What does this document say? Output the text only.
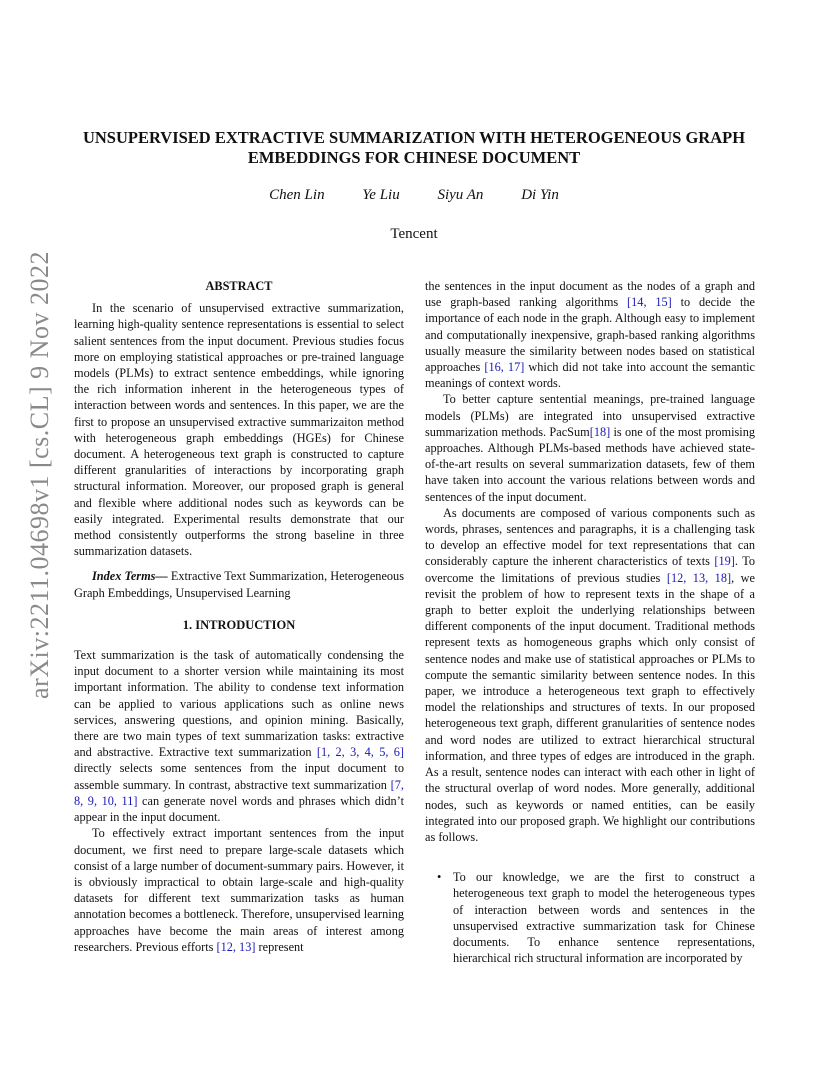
arXiv:2211.04698v1 [cs.CL] 9 Nov 2022
UNSUPERVISED EXTRACTIVE SUMMARIZATION WITH HETEROGENEOUS GRAPH EMBEDDINGS FOR CHINESE DOCUMENT
Chen Lin	Ye Liu	Siyu An	Di Yin
Tencent
ABSTRACT

In the scenario of unsupervised extractive summarization, learning high-quality sentence representations is essential to select salient sentences from the input document. Previous studies focus more on employing statistical approaches or pre-trained language models (PLMs) to extract sentence embeddings, while ignoring the rich information inherent in the heterogeneous types of interaction between words and sentences. In this paper, we are the first to propose an unsupervised extractive summarizaiton method with heterogeneous graph embeddings (HGEs) for Chinese document. A heterogeneous text graph is constructed to capture different granularities of interactions by incorporating graph structural information. Moreover, our proposed graph is general and flexible where additional nodes such as keywords can be easily integrated. Experimental results demonstrate that our method consistently outperforms the strong baseline in three summarization datasets.

Index Terms— Extractive Text Summarization, Heterogeneous Graph Embeddings, Unsupervised Learning

1. INTRODUCTION

Text summarization is the task of automatically condensing the input document to a shorter version while maintaining its most important information. The ability to condense text information can be applied to various applications such as online news services, answering questions, and opinion mining. Basically, there are two main types of text summarization tasks: extractive and abstractive. Extractive text summarization [1, 2, 3, 4, 5, 6] directly selects some sentences from the input document to assemble summary. In contrast, abstractive text summarization [7, 8, 9, 10, 11] can generate novel words and phrases which didn’t appear in the input document.

To effectively extract important sentences from the input document, we first need to prepare large-scale datasets which consist of a large number of document-summary pairs. However, it is obviously impractical to obtain large-scale and high-quality datasets for different text summarization tasks as human annotation becomes a bottleneck. Therefore, unsupervised learning approaches have become the main areas of interest among researchers. Previous efforts [12, 13] represent

the sentences in the input document as the nodes of a graph and use graph-based ranking algorithms [14, 15] to decide the importance of each node in the graph. Although easy to implement and computationally inexpensive, graph-based ranking algorithms usually measure the similarity between nodes based on statistical approaches [16, 17] which did not take into account the semantic meanings of context words.

To better capture sentential meanings, pre-trained language models (PLMs) are integrated into unsupervised extractive summarization methods. PacSum[18] is one of the most promising approaches. Although PLMs-based methods have achieved state-of-the-art results on several summarization datasets, few of them have taken into account the various relations between words and sentences of the input document.

As documents are composed of various components such as words, phrases, sentences and paragraphs, it is a challenging task to develop an effective model for text representations that can considerably capture the inherent characteristics of texts [19]. To overcome the limitations of previous studies [12, 13, 18], we revisit the problem of how to represent texts in the shape of a graph to better exploit the underlying relationships between different components of the input document. Traditional methods represent texts as homogeneous graphs which only consist of sentence nodes and make use of statistical approaches or PLMs to compute the semantic similarity between sentence nodes. In this paper, we introduce a heterogeneous text graph to effectively model the relationships and structures of texts. In our proposed heterogeneous text graph, different granularities of sentence nodes and word nodes are utilized to extract hierarchical structural information, and three types of edges are introduced in the graph. As a result, sentence nodes can interact with each other in light of the structural overlap of word nodes. More generally, additional nodes, such as keywords or named entities, can be easily integrated into our proposed graph. We highlight our contributions as follows.

• To our knowledge, we are the first to construct a heterogeneous text graph to model the heterogeneous types of interaction between words and sentences in the unsupervised extractive summarization task for Chinese documents. To enhance sentence representations, hierarchical rich structural information are incorporated by
